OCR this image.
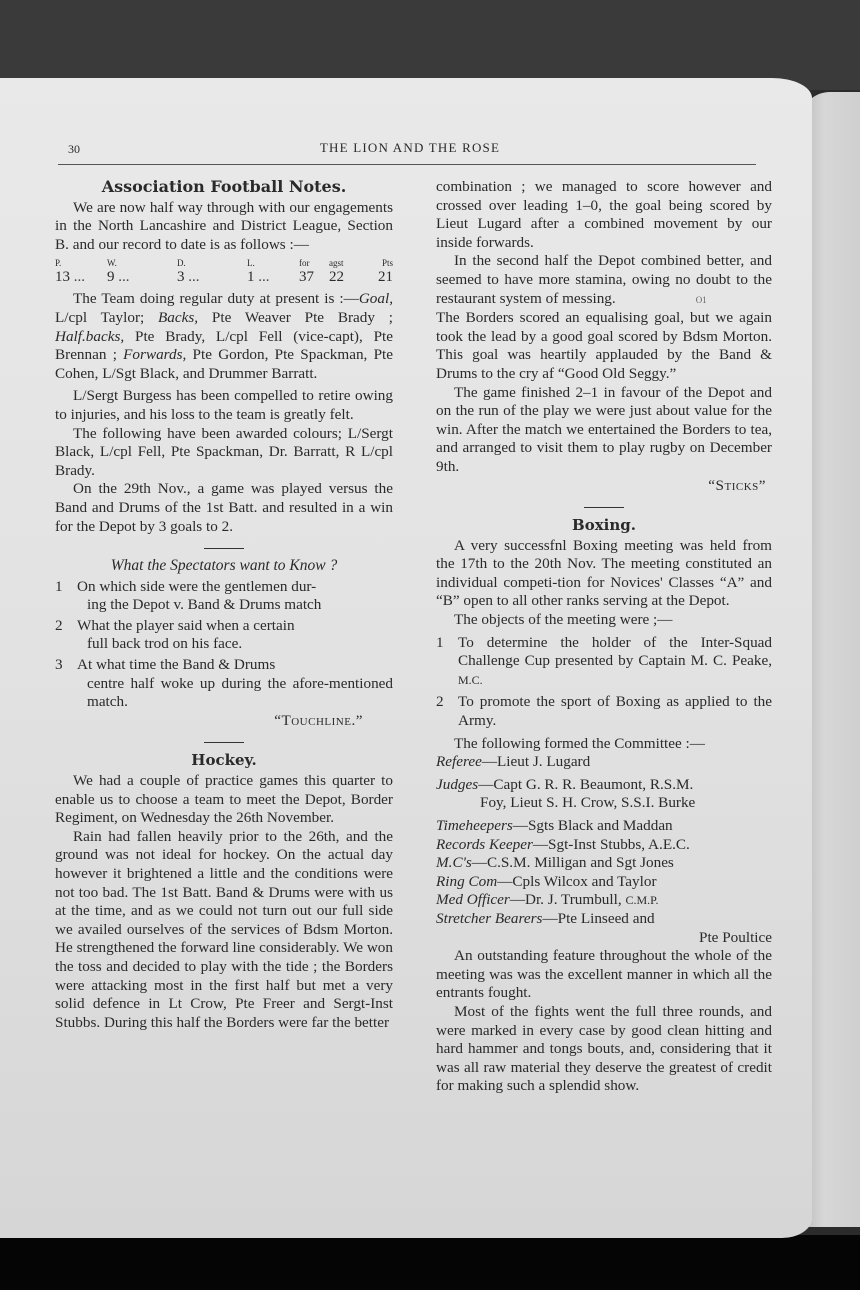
30	THE LION AND THE ROSE
Association Football Notes.

We are now half way through with our engagements in the North Lancashire and District League, Section B. and our record to date is as follows :—

P.	W.	D.	L.	for	agst	Pts
13 ...	9 ...	3 ...	1 ...	37	22	21

The Team doing regular duty at present is :—Goal, L/cpl Taylor; Backs, Pte Weaver Pte Brady ; Half.backs, Pte Brady, L/cpl Fell (vice-capt), Pte Brennan ; Forwards, Pte Gordon, Pte Spackman, Pte Cohen, L/Sgt Black, and Drummer Barratt.

L/Sergt Burgess has been compelled to retire owing to injuries, and his loss to the team is greatly felt.

The following have been awarded colours; L/Sergt Black, L/cpl Fell, Pte Spackman, Dr. Barratt, R L/cpl Brady.

On the 29th Nov., a game was played versus the Band and Drums of the 1st Batt. and resulted in a win for the Depot by 3 goals to 2.

What the Spectators want to Know ?
1 On which side were the gentlemen dur-
ing the Depot v. Band & Drums match
2 What the player said when a certain
full back trod on his face.
3 At what time the Band & Drums
centre half woke up during the afore-mentioned match.
“Touchline.”
Hockey.

We had a couple of practice games this quarter to enable us to choose a team to meet the Depot, Border Regiment, on Wednesday the 26th November.

Rain had fallen heavily prior to the 26th, and the ground was not ideal for hockey. On the actual day however it brightened a little and the conditions were not too bad. The 1st Batt. Band & Drums were with us at the time, and as we could not turn out our full side we availed ourselves of the services of Bdsm Morton. He strengthened the forward line considerably. We won the toss and decided to play with the tide ; the Borders were attacking most in the first half but met a very solid defence in Lt Crow, Pte Freer and Sergt-Inst Stubbs. During this half the Borders were far the better

combination ; we managed to score however and crossed over leading 1–0, the goal being scored by Lieut Lugard after a combined movement by our inside forwards.

In the second half the Depot combined better, and seemed to have more stamina, owing no doubt to the restaurant system of messing.	O1

The Borders scored an equalising goal, but we again took the lead by a good goal scored by Bdsm Morton. This goal was heartily applauded by the Band & Drums to the cry af “Good Old Seggy.”

The game finished 2–1 in favour of the Depot and on the run of the play we were just about value for the win. After the match we entertained the Borders to tea, and arranged to visit them to play rugby on December 9th.

“Sticks”
Boxing.

A very successfnl Boxing meeting was held from the 17th to the 20th Nov. The meeting constituted an individual competi-tion for Novices' Classes “A” and “B” open to all other ranks serving at the Depot.

The objects of the meeting were ;—

1 To determine the holder of the Inter-Squad Challenge Cup presented by Captain M. C. Peake, M.C.
2 To promote the sport of Boxing as applied to the Army.

The following formed the Committee :—

Referee—Lieut J. Lugard
Judges—Capt G. R. R. Beaumont, R.S.M.
Foy, Lieut S. H. Crow, S.S.I. Burke
Timeheepers—Sgts Black and Maddan
Records Keeper—Sgt-Inst Stubbs, A.E.C.
M.C's—C.S.M. Milligan and Sgt Jones
Ring Com—Cpls Wilcox and Taylor
Med Officer—Dr. J. Trumbull, C.M.P.
Stretcher Bearers—Pte Linseed and
Pte Poultice

An outstanding feature throughout the whole of the meeting was was the excellent manner in which all the entrants fought.

Most of the fights went the full three rounds, and were marked in every case by good clean hitting and hard hammer and tongs bouts, and, considering that it was all raw material they deserve the greatest of credit for making such a splendid show.
